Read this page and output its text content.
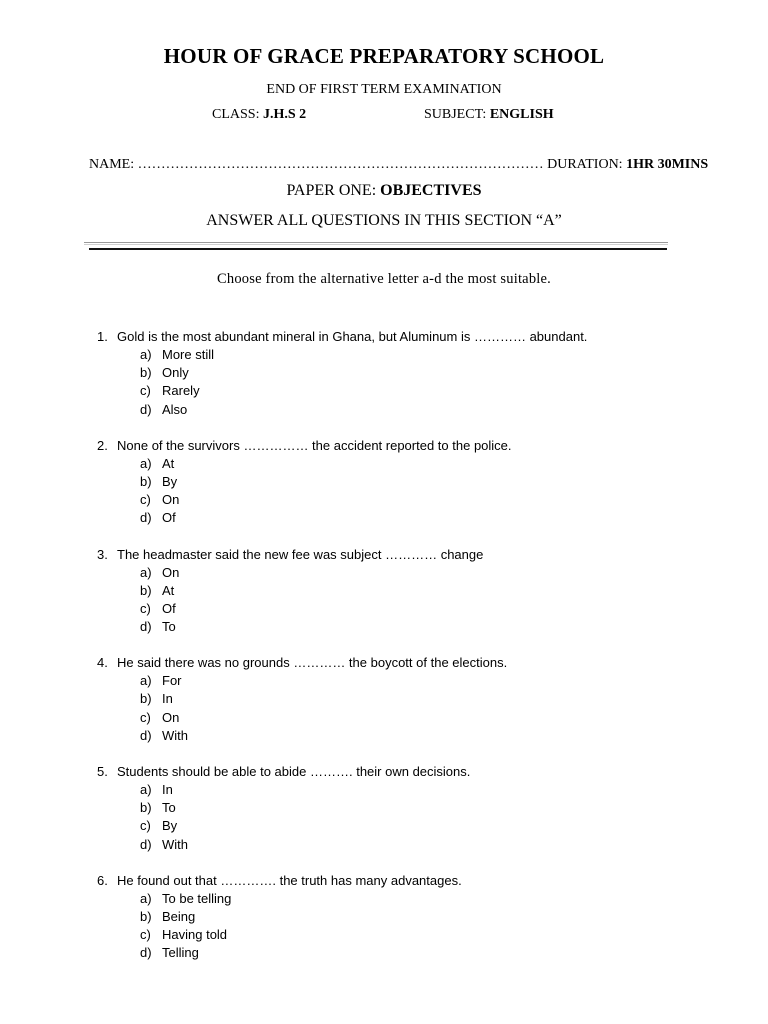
HOUR OF GRACE PREPARATORY SCHOOL
END OF FIRST TERM EXAMINATION
CLASS: J.H.S 2	SUBJECT: ENGLISH
NAME: …………………………………………………………………………… DURATION: 1HR 30MINS
PAPER ONE: OBJECTIVES
ANSWER ALL QUESTIONS IN THIS SECTION “A”
Choose from the alternative letter a-d the most suitable.
1. Gold is the most abundant mineral in Ghana, but Aluminum is ………… abundant.
a) More still
b) Only
c) Rarely
d) Also
2. None of the survivors …………… the accident reported to the police.
a) At
b) By
c) On
d) Of
3. The headmaster said the new fee was subject ………… change
a) On
b) At
c) Of
d) To
4. He said there was no grounds ………… the boycott of the elections.
a) For
b) In
c) On
d) With
5. Students should be able to abide ………. their own decisions.
a) In
b) To
c) By
d) With
6. He found out that …………. the truth has many advantages.
a) To be telling
b) Being
c) Having told
d) Telling
